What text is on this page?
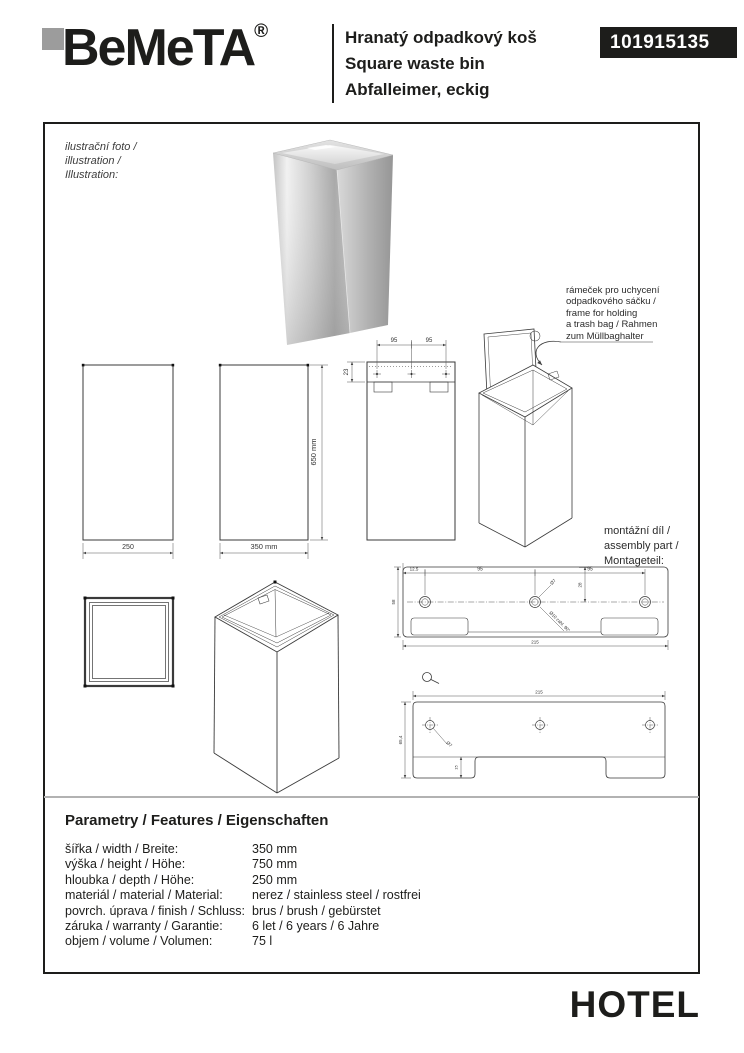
BeMeTA®	Hranatý odpadkový koš
Square waste bin
Abfalleimer, eckig
101915135
ilustrační foto /
illustration /
Illustration:
rámeček pro uchycení
odpadkového sáčku /
frame for holding
a trash bag / Rahmen
zum Müllbaghalter
montážní díl /
assembly part /
Montageteil:
250	350 mm
650 mm
95	95
23
12.5	95	95
58
28
215
Ø7
Ø10 zahl. 90°
215
65,4
15
Ø7
Parametry / Features / Eigenschaften
šířka / width / Breite:	350 mm
výška / height / Höhe:	750 mm
hloubka / depth / Höhe:	250 mm
materiál / material / Material:	nerez / stainless steel / rostfrei
povrch. úprava / finish / Schluss: brus / brush / gebürstet
záruka / warranty / Garantie:	6 let / 6 years / 6 Jahre
objem / volume / Volumen:	75 l
HOTEL
